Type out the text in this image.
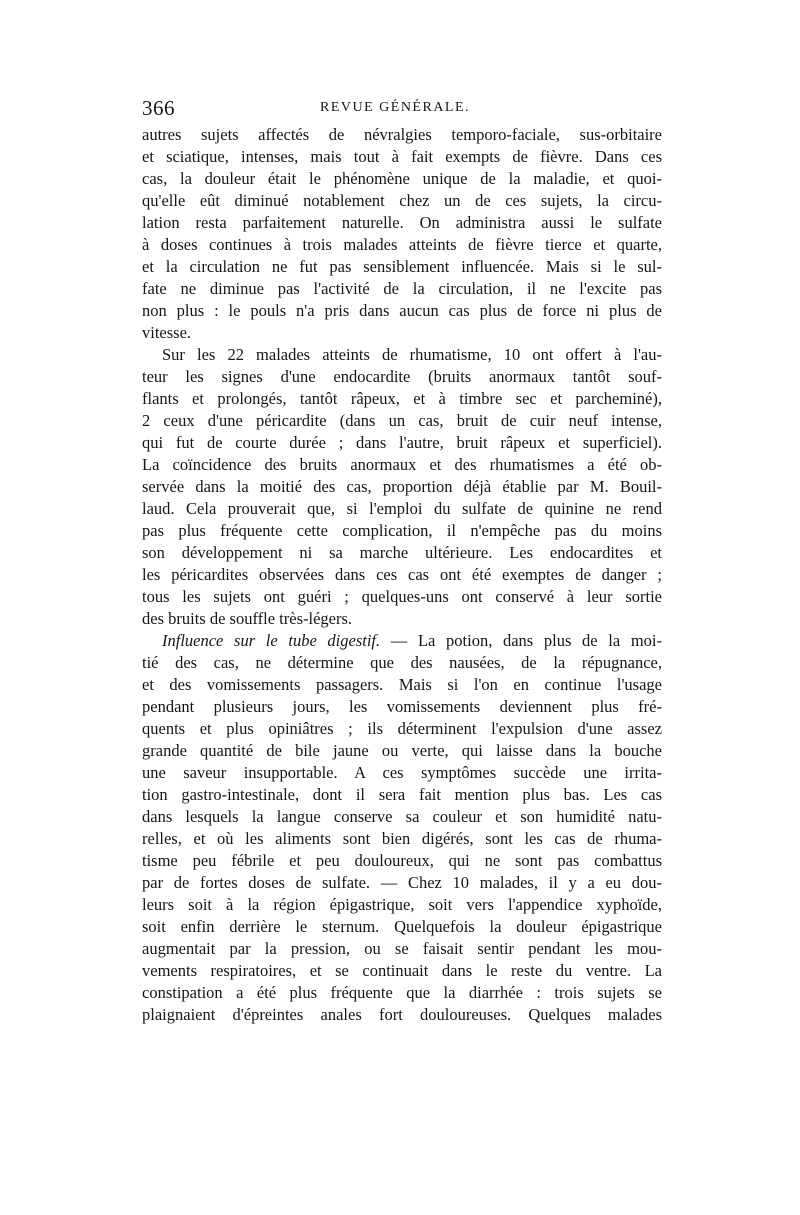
366	REVUE GÉNÉRALE.
autres sujets affectés de névralgies temporo-faciale, sus-orbitaire
et sciatique, intenses, mais tout à fait exempts de fièvre. Dans ces
cas, la douleur était le phénomène unique de la maladie, et quoi-
qu'elle eût diminué notablement chez un de ces sujets, la circu-
lation resta parfaitement naturelle. On administra aussi le sulfate
à doses continues à trois malades atteints de fièvre tierce et quarte,
et la circulation ne fut pas sensiblement influencée. Mais si le sul-
fate ne diminue pas l'activité de la circulation, il ne l'excite pas
non plus : le pouls n'a pris dans aucun cas plus de force ni plus de
vitesse.
Sur les 22 malades atteints de rhumatisme, 10 ont offert à l'au-
teur les signes d'une endocardite (bruits anormaux tantôt souf-
flants et prolongés, tantôt râpeux, et à timbre sec et parcheminé),
2 ceux d'une péricardite (dans un cas, bruit de cuir neuf intense,
qui fut de courte durée ; dans l'autre, bruit râpeux et superficiel).
La coïncidence des bruits anormaux et des rhumatismes a été ob-
servée dans la moitié des cas, proportion déjà établie par M. Bouil-
laud. Cela prouverait que, si l'emploi du sulfate de quinine ne rend
pas plus fréquente cette complication, il n'empêche pas du moins
son développement ni sa marche ultérieure. Les endocardites et
les péricardites observées dans ces cas ont été exemptes de danger ;
tous les sujets ont guéri ; quelques-uns ont conservé à leur sortie
des bruits de souffle très-légers.
Influence sur le tube digestif. — La potion, dans plus de la moi-
tié des cas, ne détermine que des nausées, de la répugnance,
et des vomissements passagers. Mais si l'on en continue l'usage
pendant plusieurs jours, les vomissements deviennent plus fré-
quents et plus opiniâtres ; ils déterminent l'expulsion d'une assez
grande quantité de bile jaune ou verte, qui laisse dans la bouche
une saveur insupportable. A ces symptômes succède une irrita-
tion gastro-intestinale, dont il sera fait mention plus bas. Les cas
dans lesquels la langue conserve sa couleur et son humidité natu-
relles, et où les aliments sont bien digérés, sont les cas de rhuma-
tisme peu fébrile et peu douloureux, qui ne sont pas combattus
par de fortes doses de sulfate. — Chez 10 malades, il y a eu dou-
leurs soit à la région épigastrique, soit vers l'appendice xyphoïde,
soit enfin derrière le sternum. Quelquefois la douleur épigastrique
augmentait par la pression, ou se faisait sentir pendant les mou-
vements respiratoires, et se continuait dans le reste du ventre. La
constipation a été plus fréquente que la diarrhée : trois sujets se
plaignaient d'épreintes anales fort douloureuses. Quelques malades
